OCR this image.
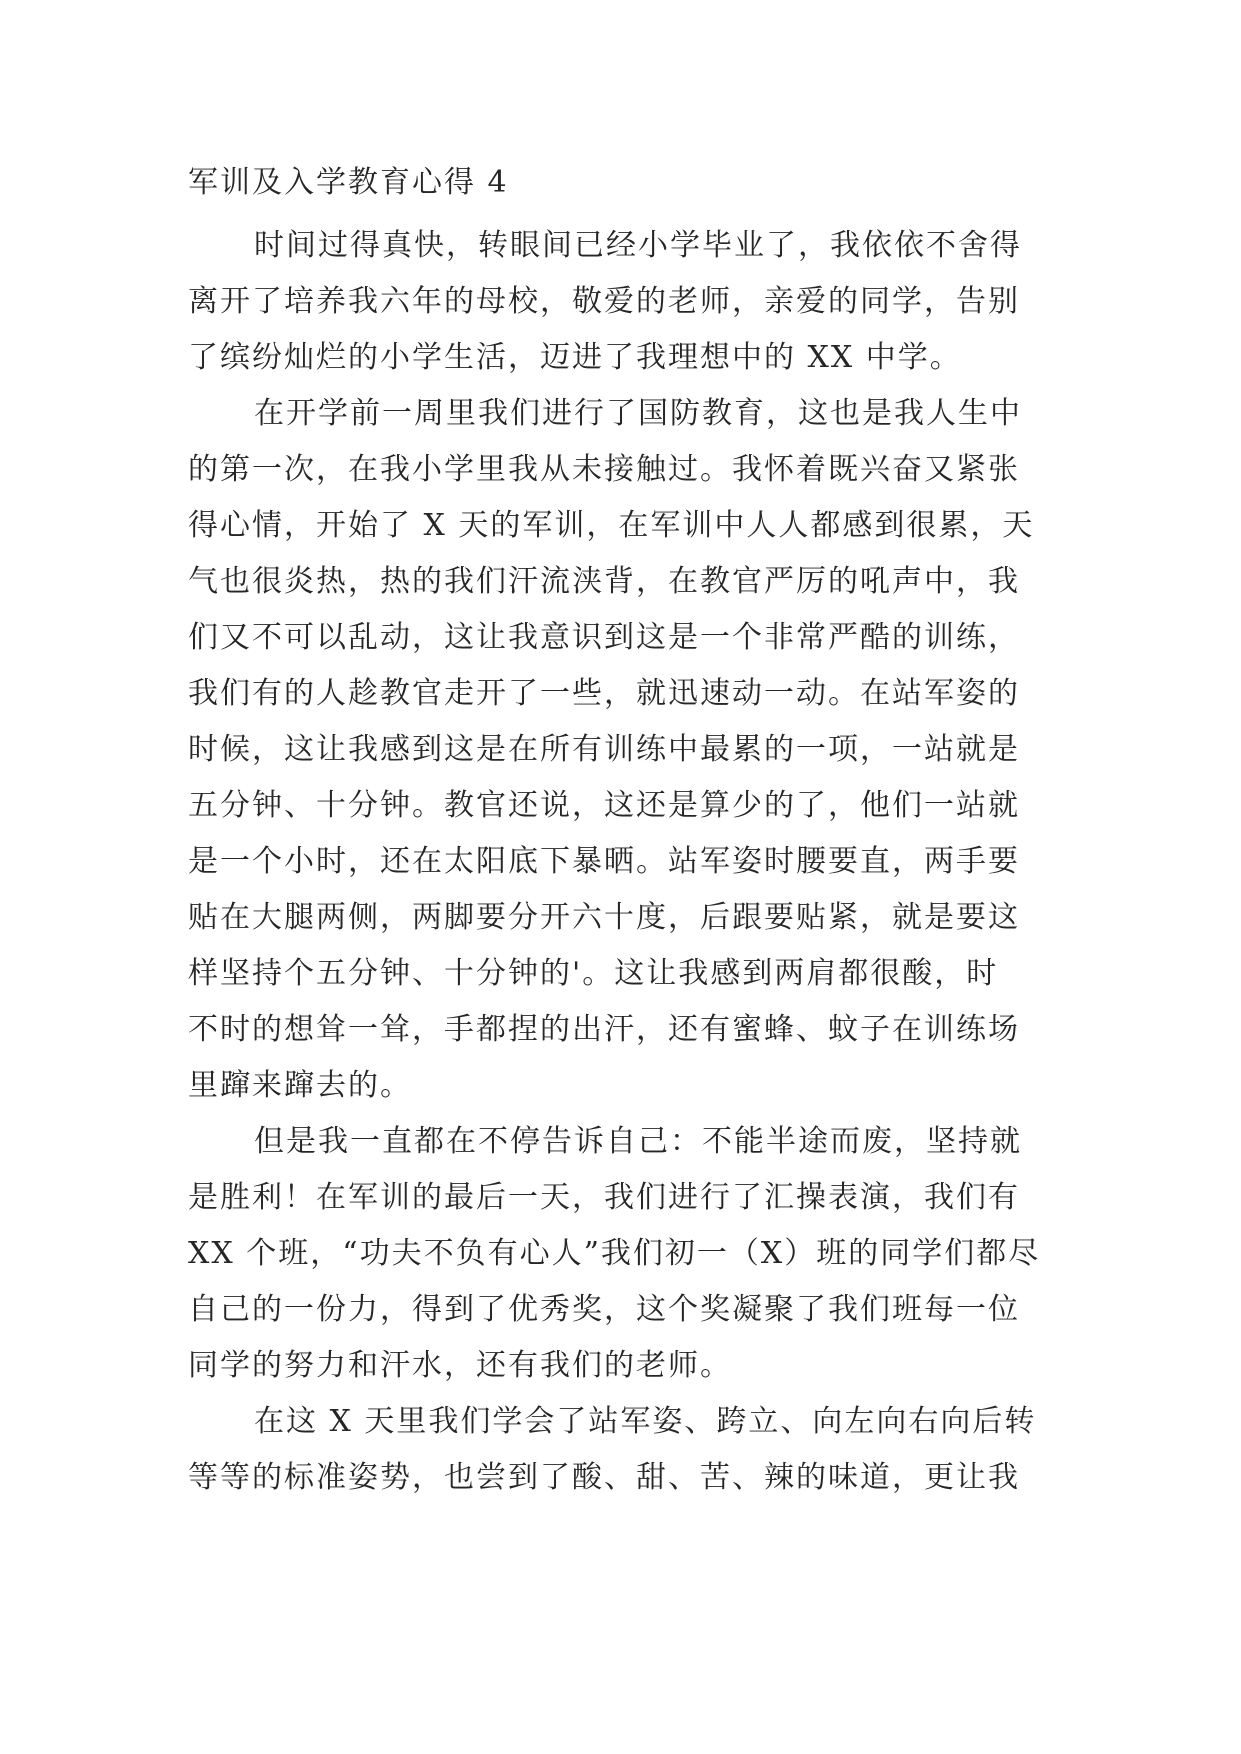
军训及入学教育心得 4

时间过得真快，转眼间已经小学毕业了，我依依不舍得

离开了培养我六年的母校，敬爱的老师，亲爱的同学，告别

了缤纷灿烂的小学生活，迈进了我理想中的 XX 中学。

在开学前一周里我们进行了国防教育，这也是我人生中

的第一次，在我小学里我从未接触过。我怀着既兴奋又紧张

得心情，开始了 X 天的军训，在军训中人人都感到很累，天

气也很炎热，热的我们汗流浃背，在教官严厉的吼声中，我

们又不可以乱动，这让我意识到这是一个非常严酷的训练，

我们有的人趁教官走开了一些，就迅速动一动。在站军姿的

时候，这让我感到这是在所有训练中最累的一项，一站就是

五分钟、十分钟。教官还说，这还是算少的了，他们一站就

是一个小时，还在太阳底下暴晒。站军姿时腰要直，两手要

贴在大腿两侧，两脚要分开六十度，后跟要贴紧，就是要这

样坚持个五分钟、十分钟的'。这让我感到两肩都很酸，时

不时的想耸一耸，手都捏的出汗，还有蜜蜂、蚊子在训练场

里蹿来蹿去的。

但是我一直都在不停告诉自己：不能半途而废，坚持就

是胜利！在军训的最后一天，我们进行了汇操表演，我们有

XX 个班，“功夫不负有心人”我们初一（X）班的同学们都尽

自己的一份力，得到了优秀奖，这个奖凝聚了我们班每一位

同学的努力和汗水，还有我们的老师。

在这 X 天里我们学会了站军姿、跨立、向左向右向后转

等等的标准姿势，也尝到了酸、甜、苦、辣的味道，更让我
